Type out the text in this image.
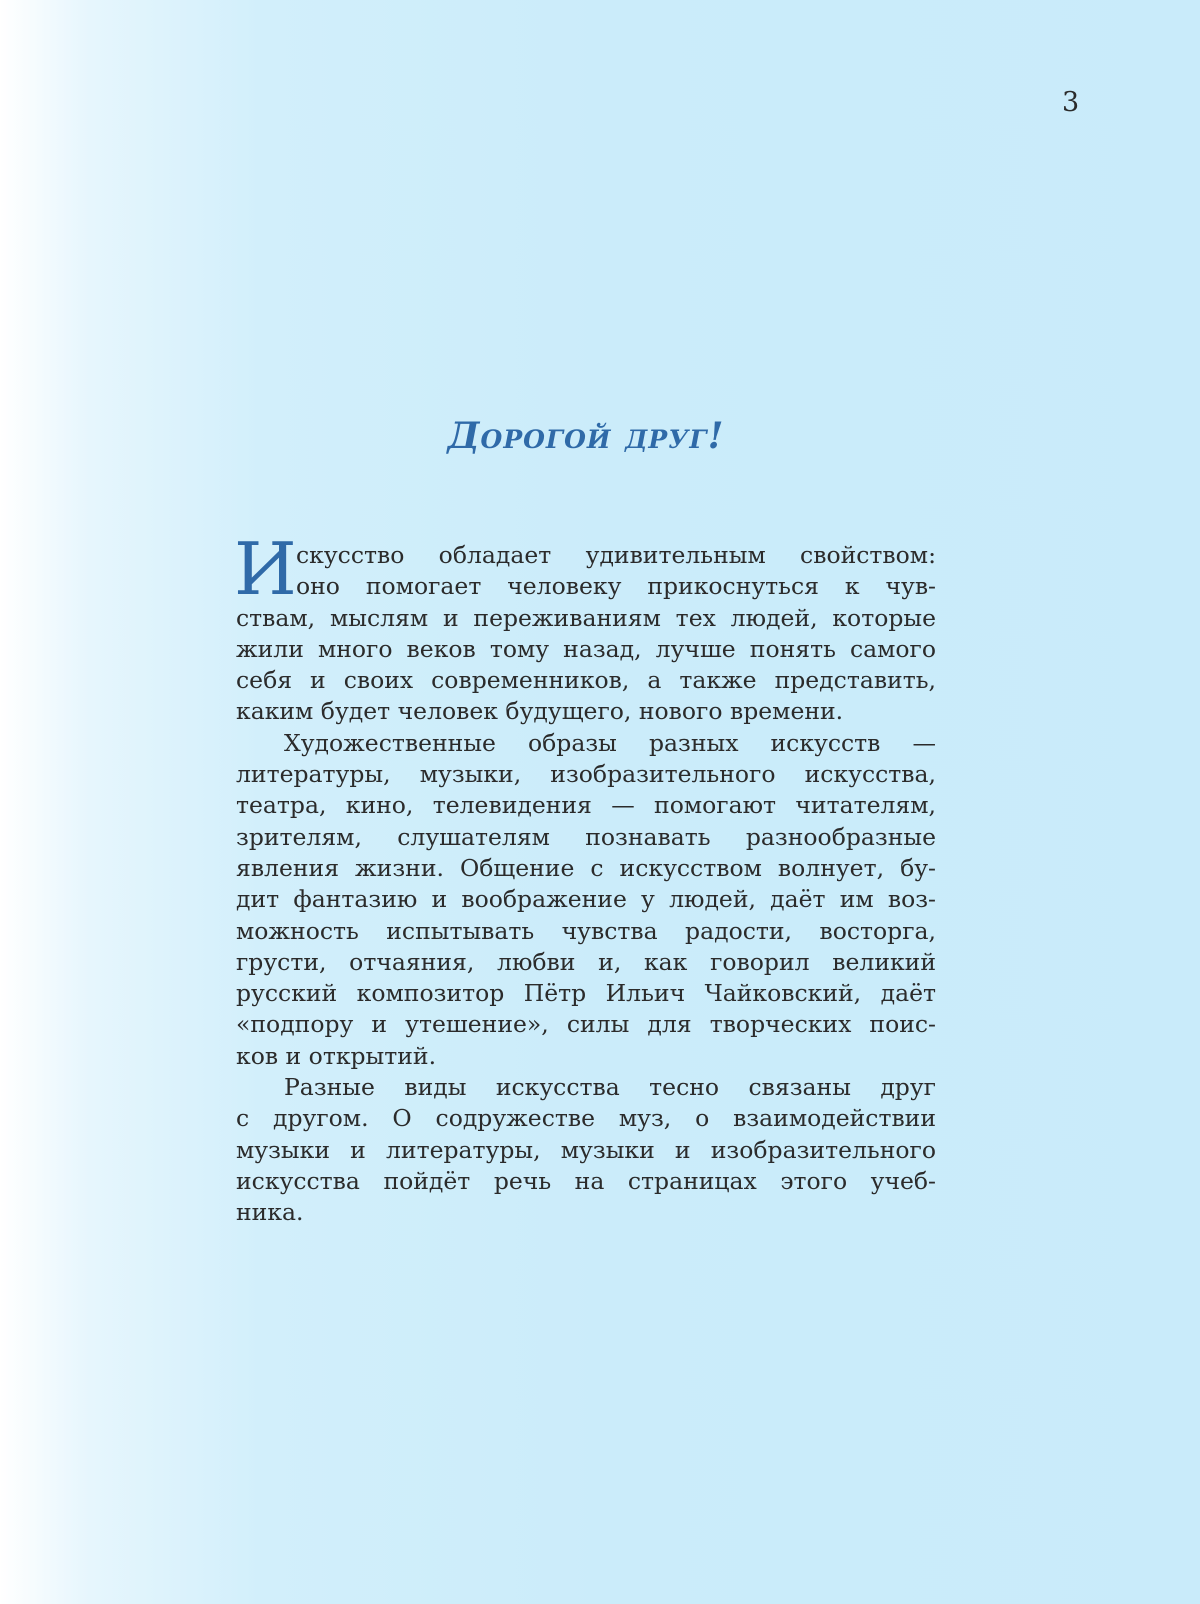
3
Дорогой друг!
И скусство обладает удивительным свойством:
оно помогает человеку прикоснуться к чув-
ствам, мыслям и переживаниям тех людей, которые
жили много веков тому назад, лучше понять самого
себя и своих современников, а также представить,
каким будет человек будущего, нового времени.
Художественные образы разных искусств —
литературы, музыки, изобразительного искусства,
театра, кино, телевидения — помогают читателям,
зрителям, слушателям познавать разнообразные
явления жизни. Общение с искусством волнует, бу-
дит фантазию и воображение у людей, даёт им воз-
можность испытывать чувства радости, восторга,
грусти, отчаяния, любви и, как говорил великий
русский композитор Пётр Ильич Чайковский, даёт
«подпору и утешение», силы для творческих поис-
ков и открытий.
Разные виды искусства тесно связаны друг
с другом. О содружестве муз, о взаимодействии
музыки и литературы, музыки и изобразительного
искусства пойдёт речь на страницах этого учеб-
ника.
